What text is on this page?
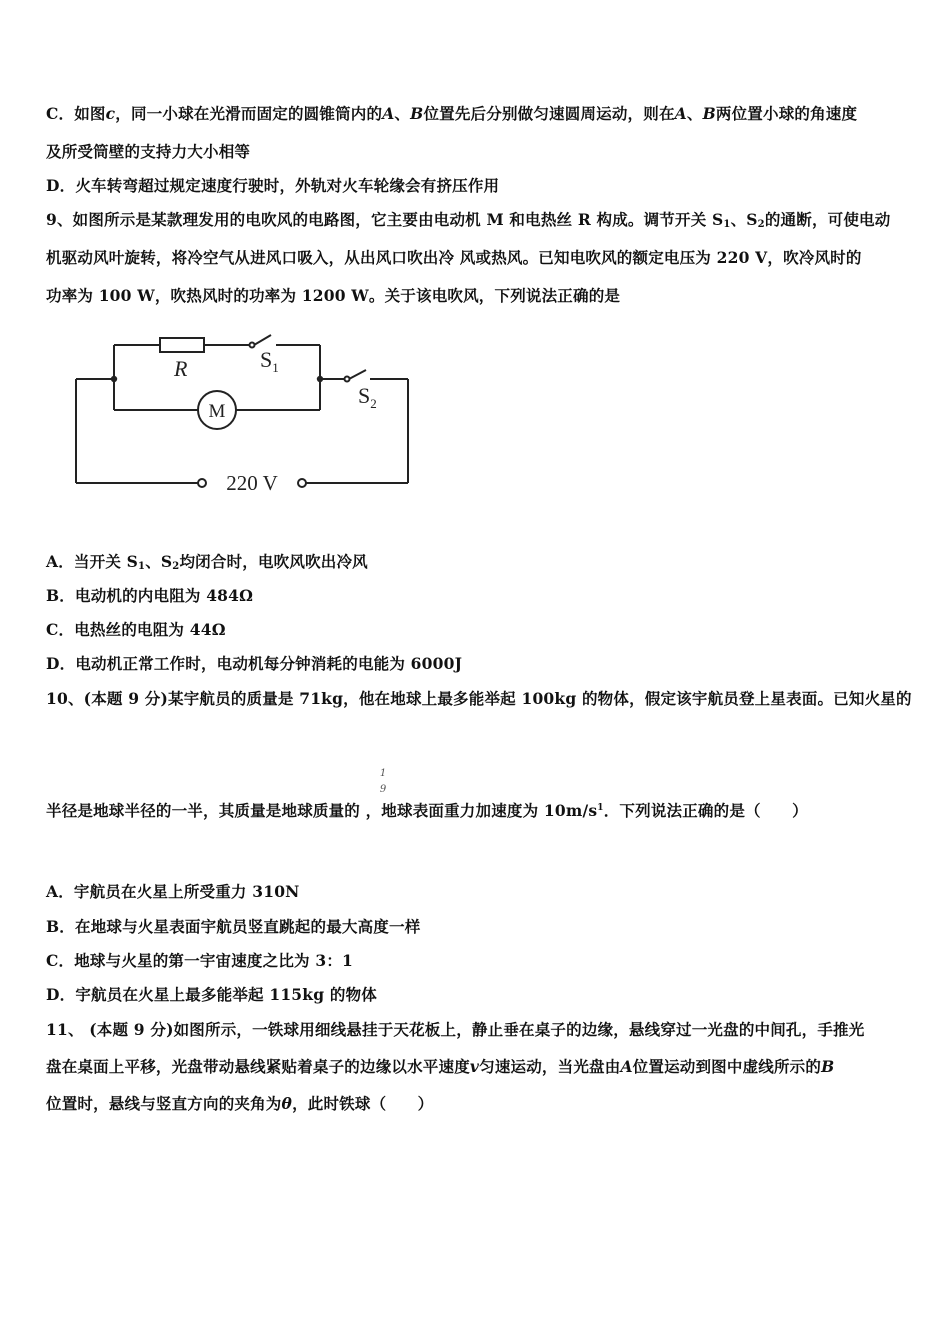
C．如图c，同一小球在光滑而固定的圆锥筒内的A、B位置先后分别做匀速圆周运动，则在A、B两位置小球的角速度
及所受筒壁的支持力大小相等
D．火车转弯超过规定速度行驶时，外轨对火车轮缘会有挤压作用
9、如图所示是某款理发用的电吹风的电路图，它主要由电动机 M 和电热丝 R 构成。调节开关 $S_1$、$S_2$的通断，可使电动
机驱动风叶旋转，将冷空气从进风口吸入，从出风口吹出冷 风或热风。已知电吹风的额定电压为 220 V，吹冷风时的
功率为 100 W，吹热风时的功率为 1200 W。关于该电吹风，下列说法正确的是
R	$S_1$
$S_2$
M
220 V
A．当开关 $S_1$、$S_2$均闭合时，电吹风吹出冷风
B．电动机的内电阻为 484Ω
C．电热丝的电阻为 44Ω
D．电动机正常工作时，电动机每分钟消耗的电能为 6000J
10、(本题 9 分)某宇航员的质量是 71kg，他在地球上最多能举起 100kg 的物体，假定该宇航员登上星表面。已知火星的
1
9
半径是地球半径的一半，其质量是地球质量的 ，地球表面重力加速度为 $10m/s^1$．下列说法正确的是（　　）
A．宇航员在火星上所受重力 310N
B．在地球与火星表面宇航员竖直跳起的最大高度一样
C．地球与火星的第一宇宙速度之比为 3：1
D．宇航员在火星上最多能举起 115kg 的物体
11、 (本题 9 分)如图所示，一铁球用细线悬挂于天花板上，静止垂在桌子的边缘，悬线穿过一光盘的中间孔，手推光
盘在桌面上平移，光盘带动悬线紧贴着桌子的边缘以水平速度v匀速运动，当光盘由A位置运动到图中虚线所示的B
位置时，悬线与竖直方向的夹角为θ，此时铁球（　　）
